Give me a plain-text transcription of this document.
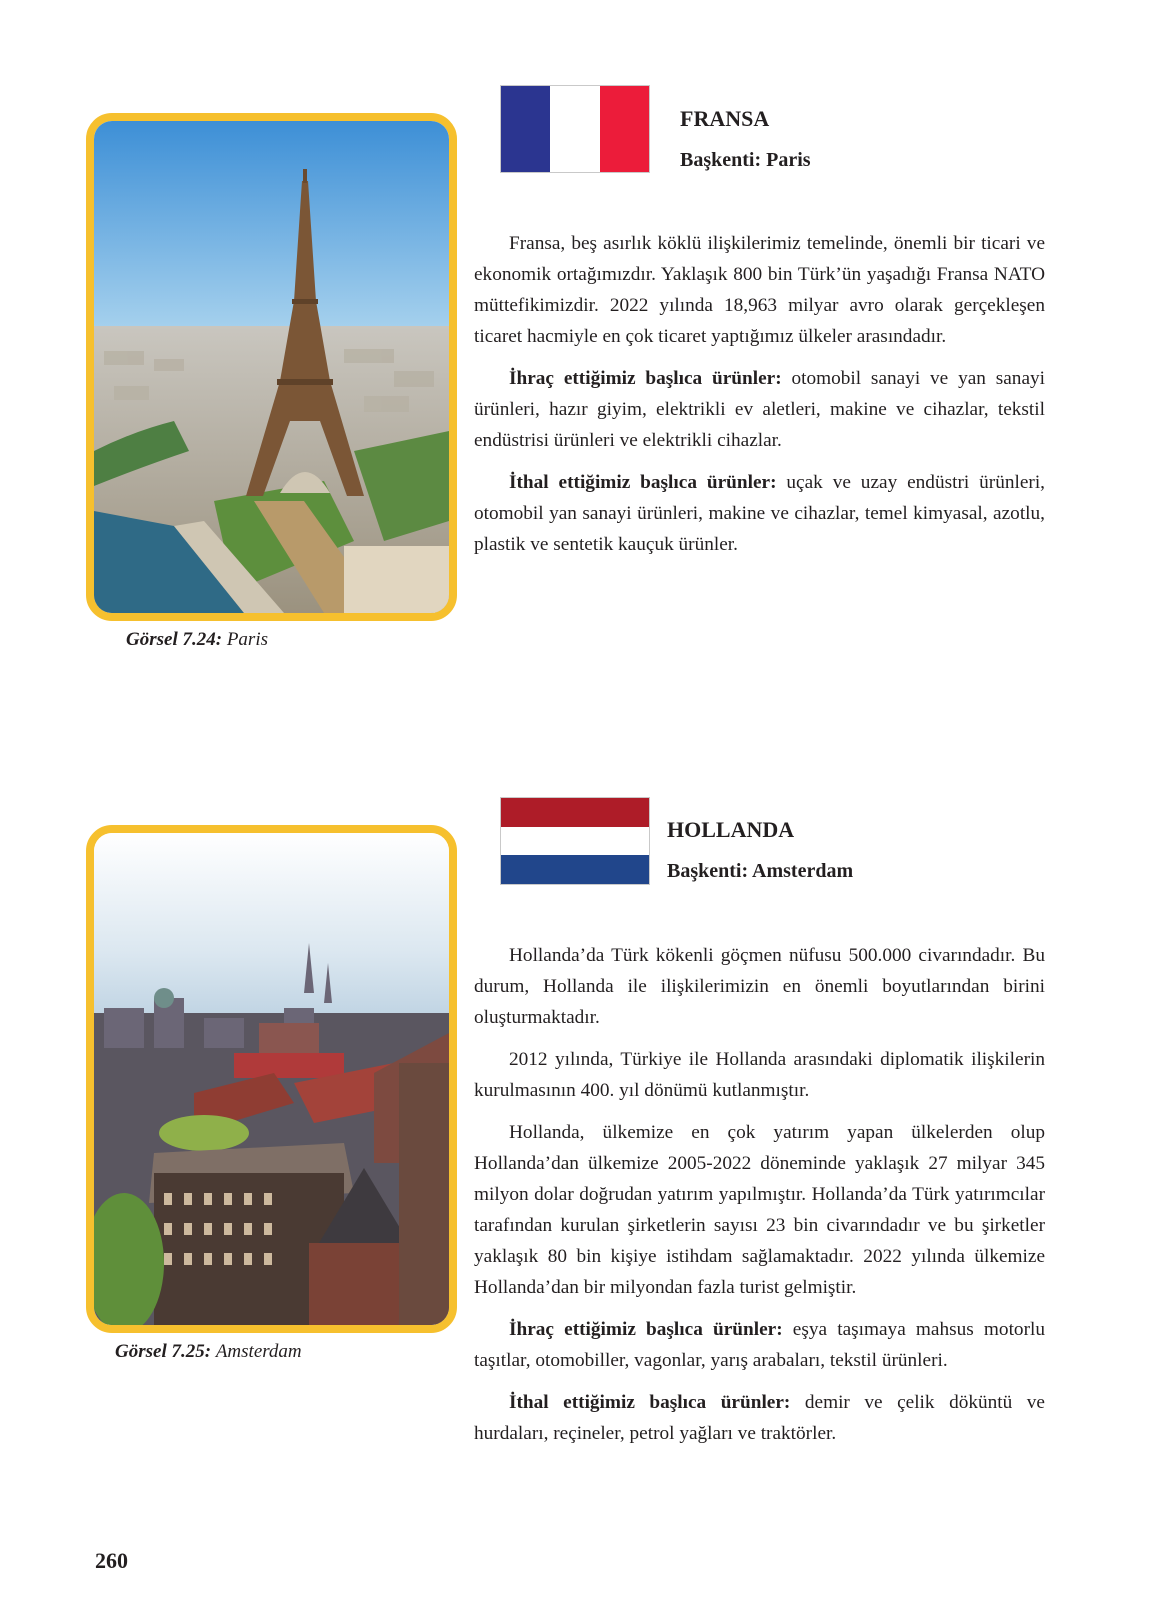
Görsel 7.24: Paris
FRANSA
Başkenti: Paris

Fransa, beş asırlık köklü ilişkilerimiz temelinde, önemli bir ticari ve ekonomik ortağımızdır. Yaklaşık 800 bin Türk’ün yaşadığı Fransa NATO müttefikimizdir. 2022 yılında 18,963 milyar avro olarak gerçekleşen ticaret hacmiyle en çok ticaret yaptığımız ülkeler arasındadır.

İhraç ettiğimiz başlıca ürünler: otomobil sanayi ve yan sanayi ürünleri, hazır giyim, elektrikli ev aletleri, makine ve cihazlar, tekstil endüstrisi ürünleri ve elektrikli cihazlar.

İthal ettiğimiz başlıca ürünler: uçak ve uzay endüstri ürünleri, otomobil yan sanayi ürünleri, makine ve cihazlar, temel kimyasal, azotlu, plastik ve sentetik kauçuk ürünler.

Görsel 7.25: Amsterdam
HOLLANDA
Başkenti: Amsterdam

Hollanda’da Türk kökenli göçmen nüfusu 500.000 civarındadır. Bu durum, Hollanda ile ilişkilerimizin en önemli boyutlarından birini oluşturmaktadır.

2012 yılında, Türkiye ile Hollanda arasındaki diplomatik ilişkilerin kurulmasının 400. yıl dönümü kutlanmıştır.

Hollanda, ülkemize en çok yatırım yapan ülkelerden olup Hollanda’dan ülkemize 2005-2022 döneminde yaklaşık 27 milyar 345 milyon dolar doğrudan yatırım yapılmıştır. Hollanda’da Türk yatırımcılar tarafından kurulan şirketlerin sayısı 23 bin civarındadır ve bu şirketler yaklaşık 80 bin kişiye istihdam sağlamaktadır. 2022 yılında ülkemize Hollanda’dan bir milyondan fazla turist gelmiştir.

İhraç ettiğimiz başlıca ürünler: eşya taşımaya mahsus motorlu taşıtlar, otomobiller, vagonlar, yarış arabaları, tekstil ürünleri.

İthal ettiğimiz başlıca ürünler: demir ve çelik döküntü ve hurdaları, reçineler, petrol yağları ve traktörler.

260
